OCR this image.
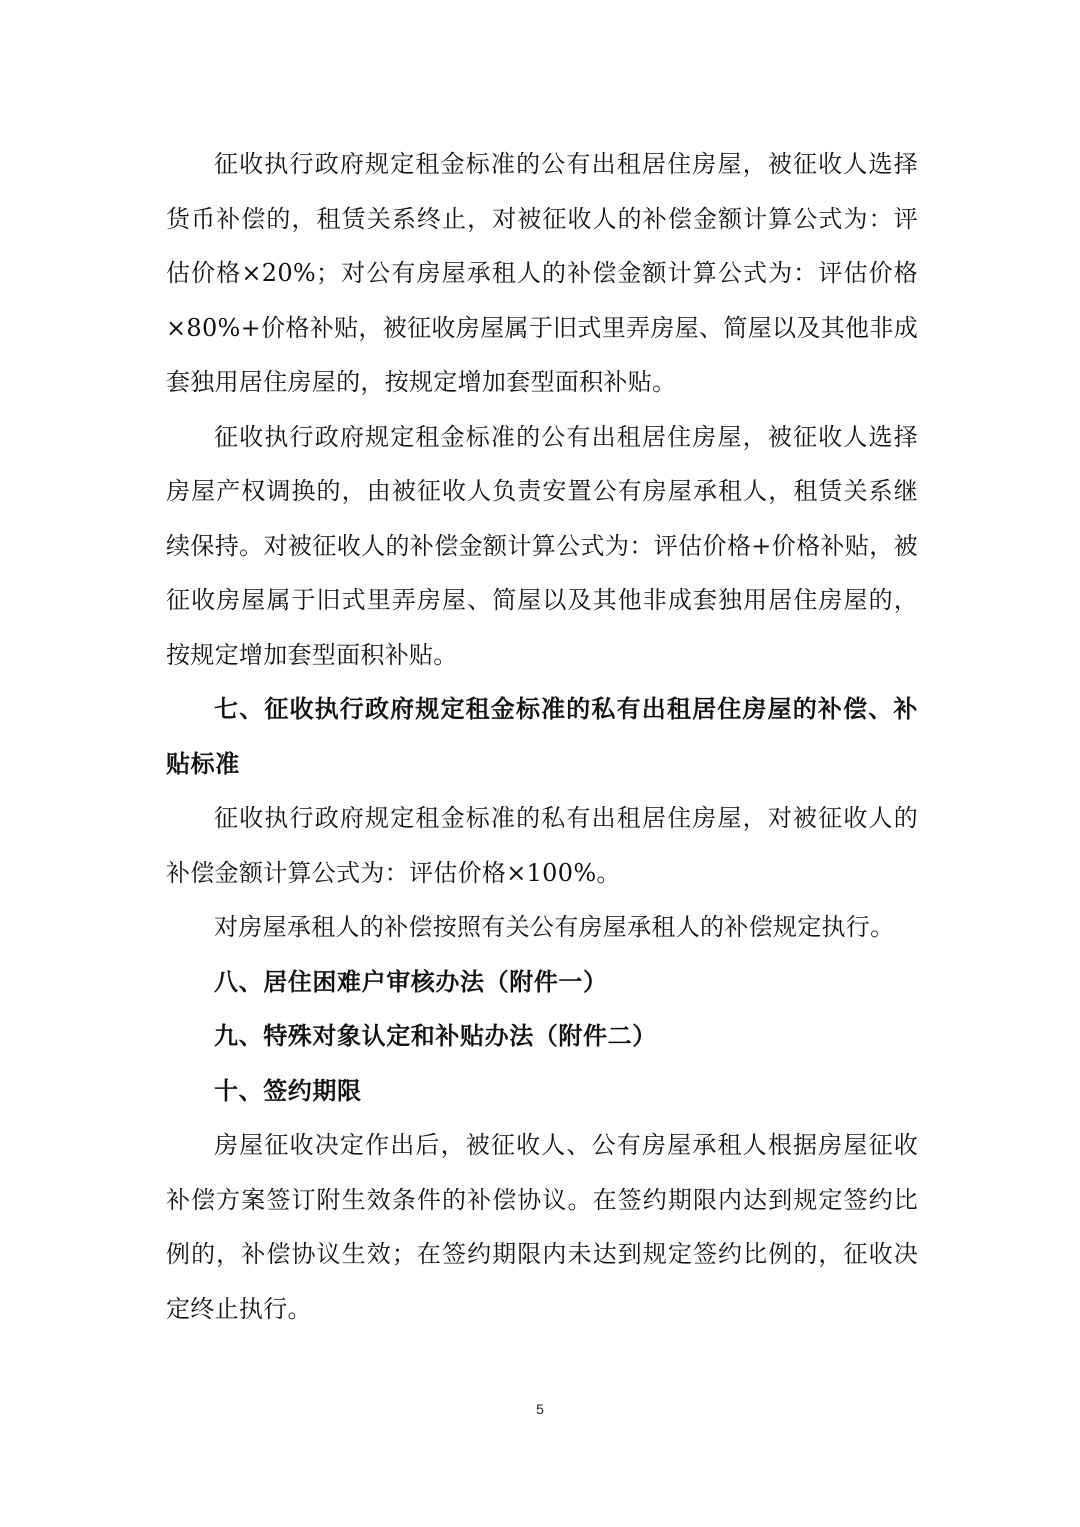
征收执行政府规定租金标准的公有出租居住房屋，被征收人选择货币补偿的，租赁关系终止，对被征收人的补偿金额计算公式为：评估价格×20%；对公有房屋承租人的补偿金额计算公式为：评估价格×80%+价格补贴，被征收房屋属于旧式里弄房屋、简屋以及其他非成套独用居住房屋的，按规定增加套型面积补贴。

征收执行政府规定租金标准的公有出租居住房屋，被征收人选择房屋产权调换的，由被征收人负责安置公有房屋承租人，租赁关系继续保持。对被征收人的补偿金额计算公式为：评估价格+价格补贴，被征收房屋属于旧式里弄房屋、简屋以及其他非成套独用居住房屋的，按规定增加套型面积补贴。

七、征收执行政府规定租金标准的私有出租居住房屋的补偿、补贴标准

征收执行政府规定租金标准的私有出租居住房屋，对被征收人的补偿金额计算公式为：评估价格×100%。

对房屋承租人的补偿按照有关公有房屋承租人的补偿规定执行。

八、居住困难户审核办法（附件一）

九、特殊对象认定和补贴办法（附件二）

十、签约期限

房屋征收决定作出后，被征收人、公有房屋承租人根据房屋征收补偿方案签订附生效条件的补偿协议。在签约期限内达到规定签约比例的，补偿协议生效；在签约期限内未达到规定签约比例的，征收决定终止执行。

5
